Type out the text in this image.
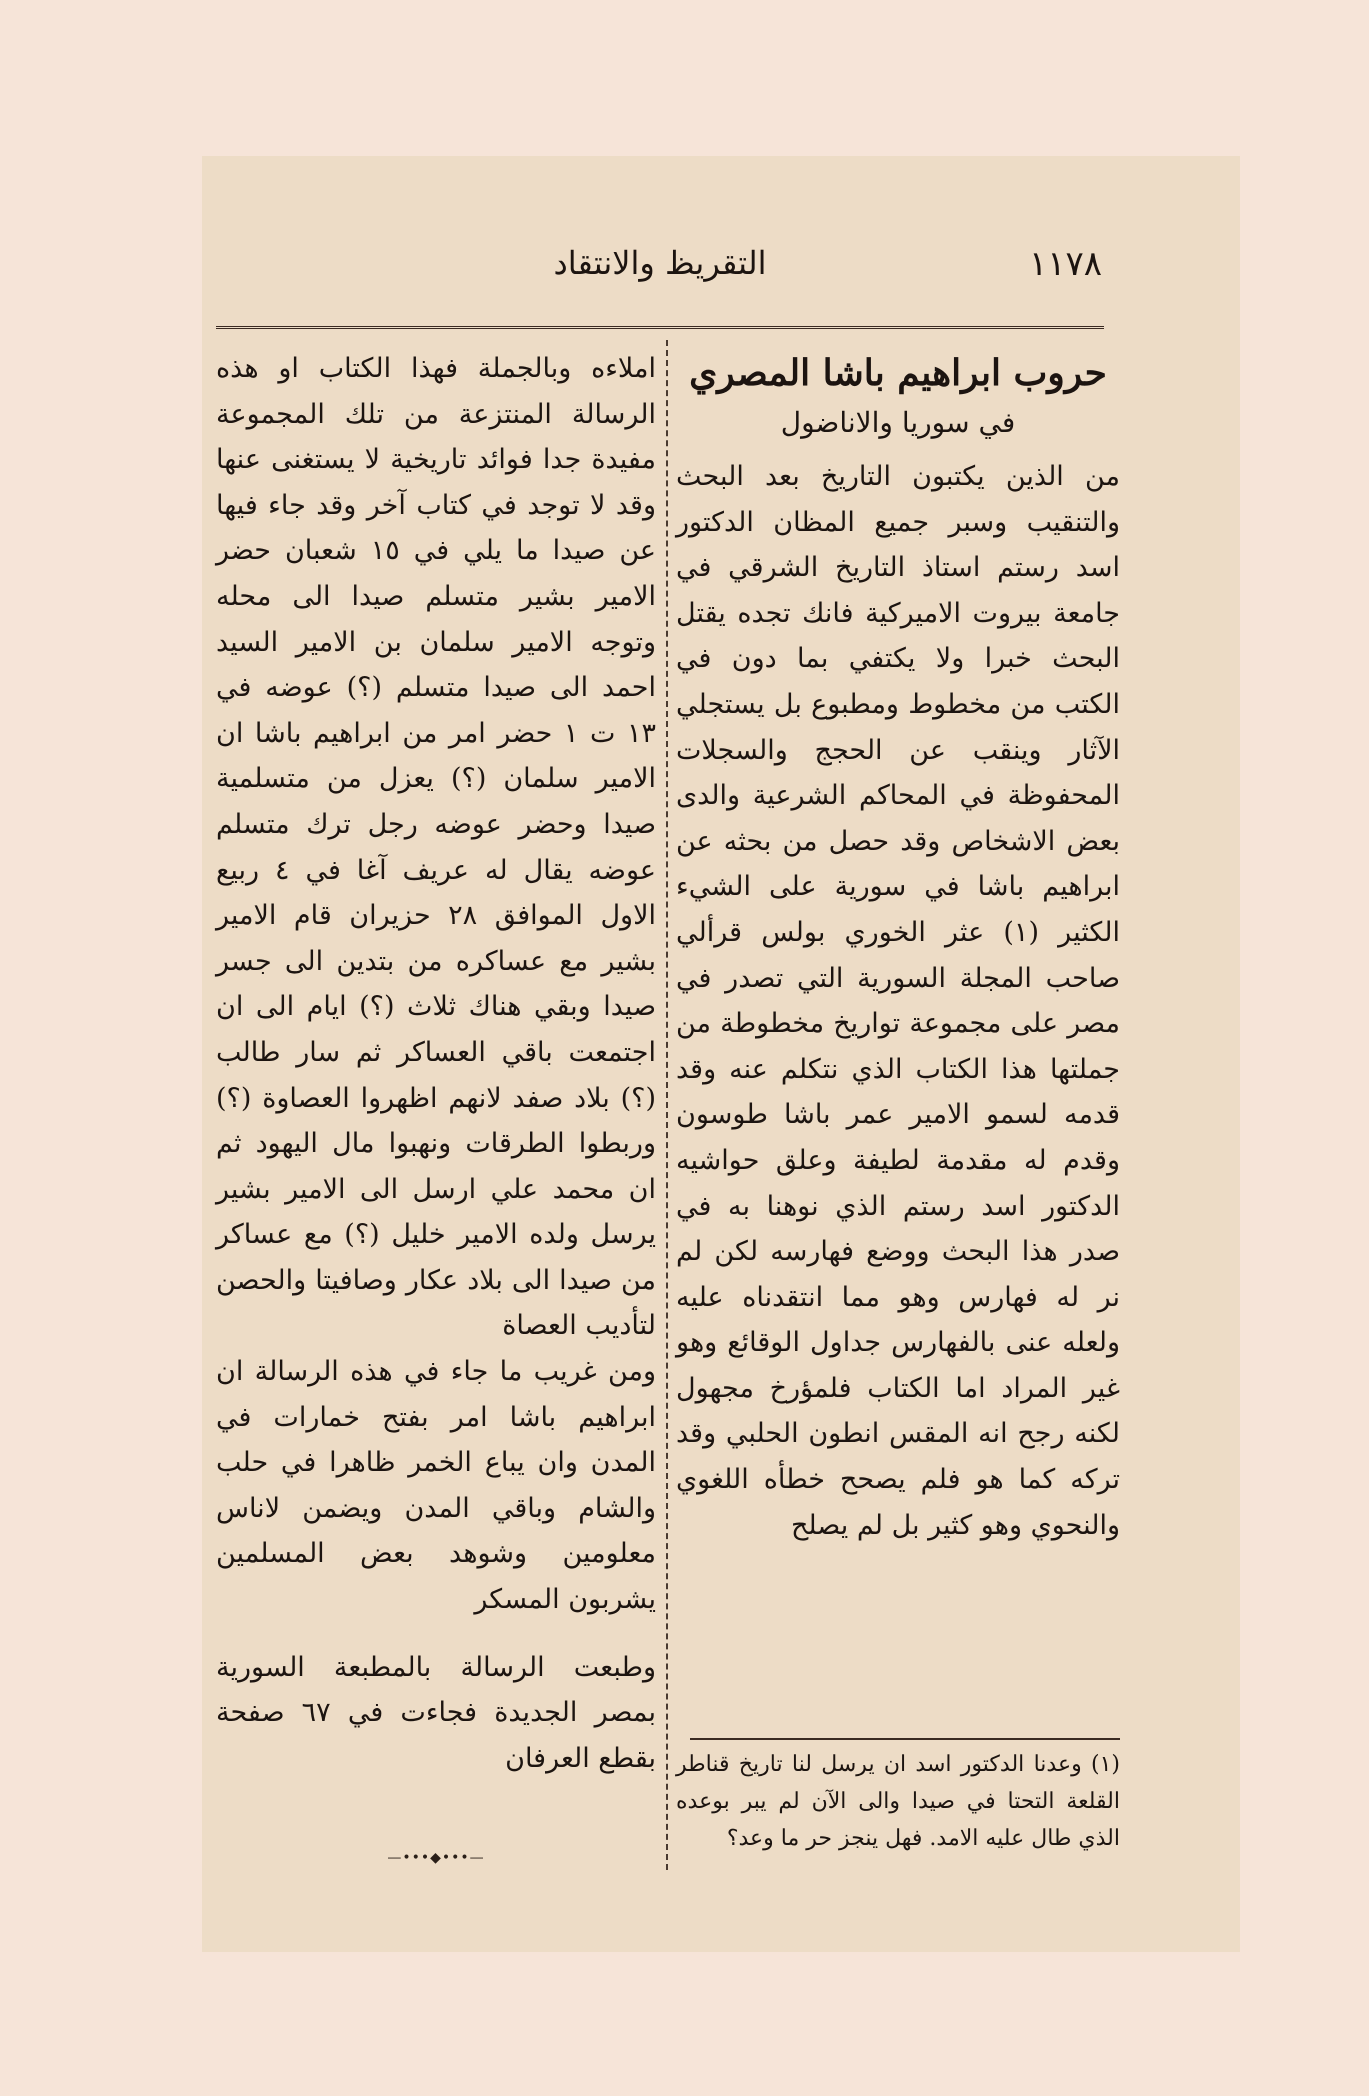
١١٧٨
التقريظ والانتقاد

حروب ابراهيم باشا المصري

في سوريا والاناضول

من الذين يكتبون التاريخ بعد البحث والتنقيب وسبر جميع المظان الدكتور اسد رستم استاذ التاريخ الشرقي في جامعة بيروت الاميركية فانك تجده يقتل البحث خبرا ولا يكتفي بما دون في الكتب من مخطوط ومطبوع بل يستجلي الآثار وينقب عن الحجج والسجلات المحفوظة في المحاكم الشرعية والدى بعض الاشخاص وقد حصل من بحثه عن ابراهيم باشا في سورية على الشيء الكثير (١) عثر الخوري بولس قرألي صاحب المجلة السورية التي تصدر في مصر على مجموعة تواريخ مخطوطة من جملتها هذا الكتاب الذي نتكلم عنه وقد قدمه لسمو الامير عمر باشا طوسون وقدم له مقدمة لطيفة وعلق حواشيه الدكتور اسد رستم الذي نوهنا به في صدر هذا البحث ووضع فهارسه لكن لم نر له فهارس وهو مما انتقدناه عليه ولعله عنى بالفهارس جداول الوقائع وهو غير المراد اما الكتاب فلمؤرخ مجهول لكنه رجح انه المقس انطون الحلبي وقد تركه كما هو فلم يصحح خطأه اللغوي والنحوي وهو كثير بل لم يصلح

(١) وعدنا الدكتور اسد ان يرسل لنا تاريخ قناطر القلعة التحتا في صيدا والى الآن لم يبر بوعده الذي طال عليه الامد. فهل ينجز حر ما وعد؟

املاءه وبالجملة فهذا الكتاب او هذه الرسالة المنتزعة من تلك المجموعة مفيدة جدا فوائد تاريخية لا يستغنى عنها وقد لا توجد في كتاب آخر وقد جاء فيها عن صيدا ما يلي في ١٥ شعبان حضر الامير بشير متسلم صيدا الى محله وتوجه الامير سلمان بن الامير السيد احمد الى صيدا متسلم (؟) عوضه في ١٣ ت ١ حضر امر من ابراهيم باشا ان الامير سلمان (؟) يعزل من متسلمية صيدا وحضر عوضه رجل ترك متسلم عوضه يقال له عريف آغا في ٤ ربيع الاول الموافق ٢٨ حزيران قام الامير بشير مع عساكره من بتدين الى جسر صيدا وبقي هناك ثلاث (؟) ايام الى ان اجتمعت باقي العساكر ثم سار طالب (؟) بلاد صفد لانهم اظهروا العصاوة (؟) وربطوا الطرقات ونهبوا مال اليهود ثم ان محمد علي ارسل الى الامير بشير يرسل ولده الامير خليل (؟) مع عساكر من صيدا الى بلاد عكار وصافيتا والحصن لتأديب العصاة

ومن غريب ما جاء في هذه الرسالة ان ابراهيم باشا امر بفتح خمارات في المدن وان يباع الخمر ظاهرا في حلب والشام وباقي المدن ويضمن لاناس معلومين وشوهد بعض المسلمين يشربون المسكر

وطبعت الرسالة بالمطبعة السورية بمصر الجديدة فجاءت في ٦٧ صفحة بقطع العرفان

—•••◆•••—
